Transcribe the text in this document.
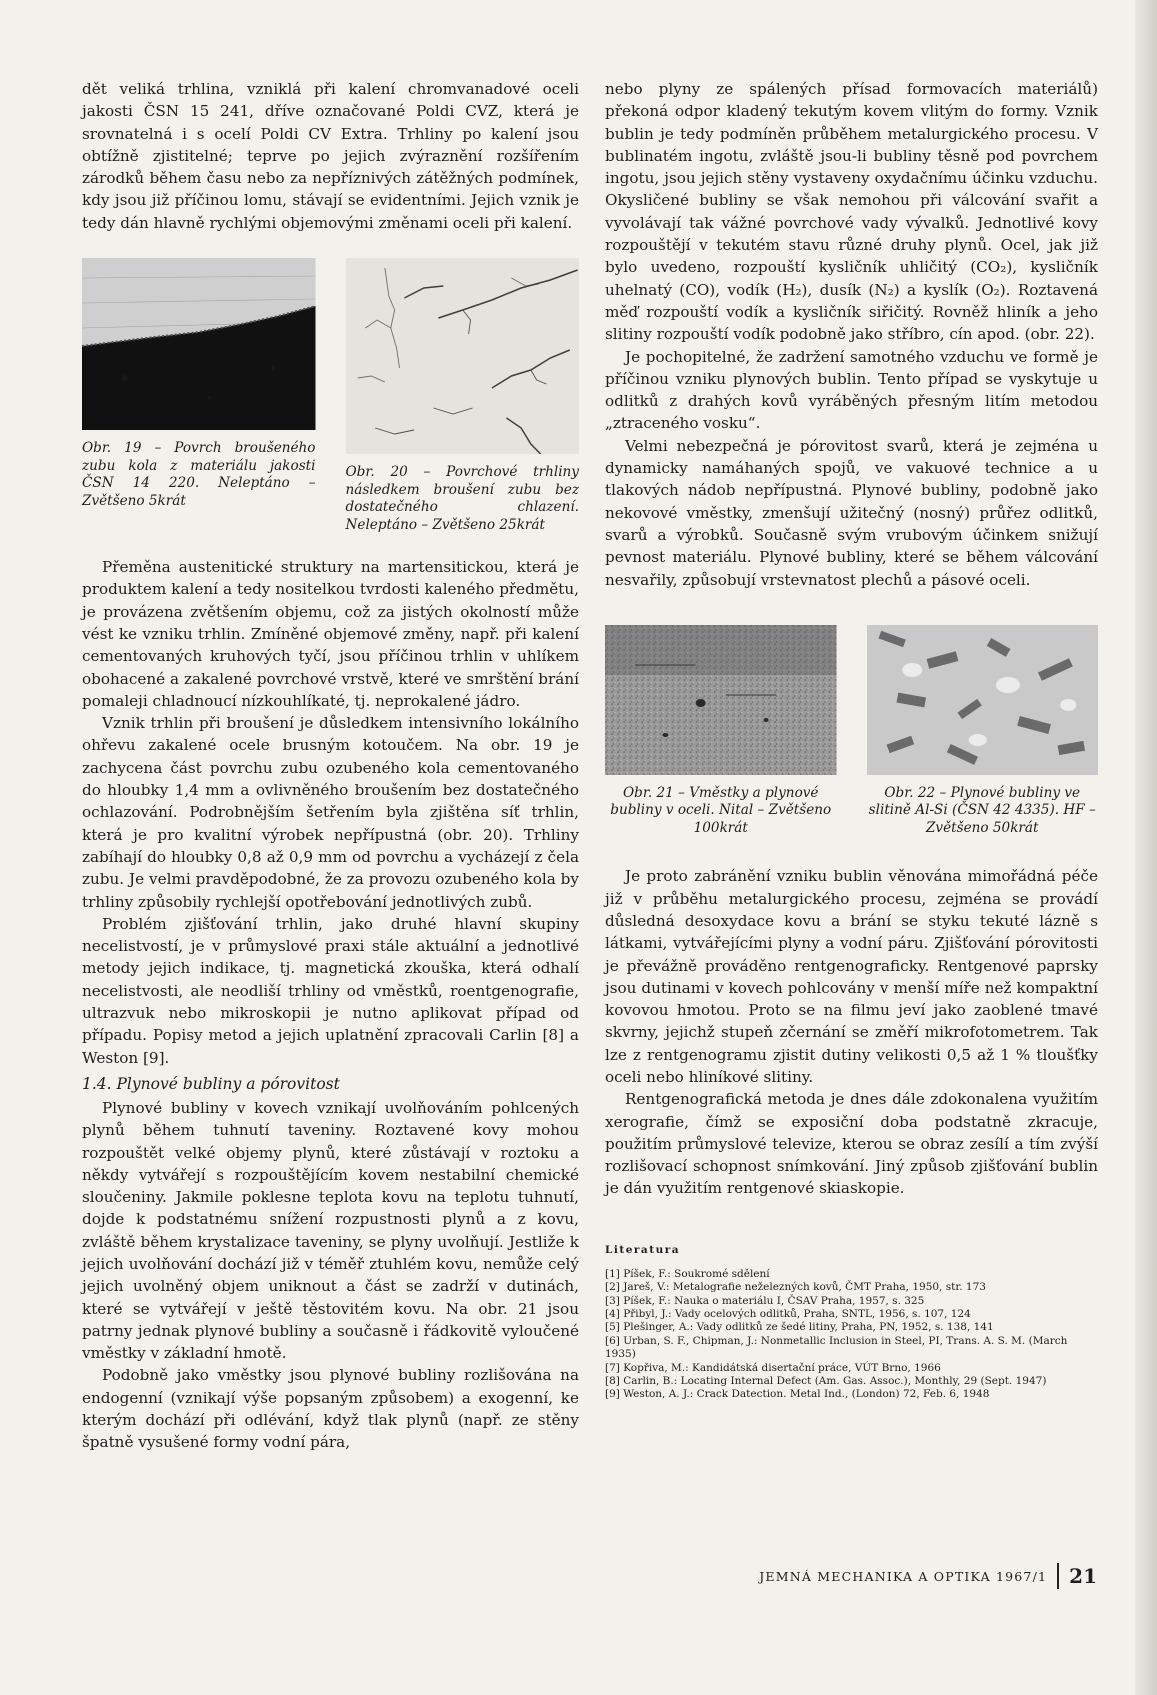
dět veliká trhlina, vzniklá při kalení chromvanadové oceli jakosti ČSN 15 241, dříve označované Poldi CVZ, která je srovnatelná i s ocelí Poldi CV Extra. Trhliny po kalení jsou obtížně zjistitelné; teprve po jejich zvýraznění rozšířením zárodků během času nebo za nepříznivých zátěžných podmínek, kdy jsou již příčinou lomu, stávají se evidentními. Jejich vznik je tedy dán hlavně rychlými objemovými změnami oceli při kalení.

Obr. 19 – Povrch broušeného zubu kola z materiálu jakosti ČSN 14 220. Neleptáno – Zvětšeno 5krát
Obr. 20 – Povrchové trhliny následkem broušení zubu bez dostatečného chlazení. Neleptáno – Zvětšeno 25krát

Přeměna austenitické struktury na martensitickou, která je produktem kalení a tedy nositelkou tvrdosti kaleného předmětu, je provázena zvětšením objemu, což za jistých okolností může vést ke vzniku trhlin. Zmíněné objemové změny, např. při kalení cementovaných kruhových tyčí, jsou příčinou trhlin v uhlíkem obohacené a zakalené povrchové vrstvě, které ve smrštění brání pomaleji chladnoucí nízkouhlíkaté, tj. neprokalené jádro.

Vznik trhlin při broušení je důsledkem intensivního lokálního ohřevu zakalené ocele brusným kotoučem. Na obr. 19 je zachycena část povrchu zubu ozubeného kola cementovaného do hloubky 1,4 mm a ovlivněného broušením bez dostatečného ochlazování. Podrobnějším šetřením byla zjištěna síť trhlin, která je pro kvalitní výrobek nepřípustná (obr. 20). Trhliny zabíhají do hloubky 0,8 až 0,9 mm od povrchu a vycházejí z čela zubu. Je velmi pravděpodobné, že za provozu ozubeného kola by trhliny způsobily rychlejší opotřebování jednotlivých zubů.

Problém zjišťování trhlin, jako druhé hlavní skupiny necelistvostí, je v průmyslové praxi stále aktuální a jednotlivé metody jejich indikace, tj. magnetická zkouška, která odhalí necelistvosti, ale neodliší trhliny od vměstků, roentgenografie, ultrazvuk nebo mikroskopii je nutno aplikovat případ od případu. Popisy metod a jejich uplatnění zpracovali Carlin [8] a Weston [9].

1.4. Plynové bubliny a pórovitost

Plynové bubliny v kovech vznikají uvolňováním pohlcených plynů během tuhnutí taveniny. Roztavené kovy mohou rozpouštět velké objemy plynů, které zůstávají v roztoku a někdy vytvářejí s rozpouštějícím kovem nestabilní chemické sloučeniny. Jakmile poklesne teplota kovu na teplotu tuhnutí, dojde k podstatnému snížení rozpustnosti plynů a z kovu, zvláště během krystalizace taveniny, se plyny uvolňují. Jestliže k jejich uvolňování dochází již v téměř ztuhlém kovu, nemůže celý jejich uvolněný objem uniknout a část se zadrží v dutinách, které se vytvářejí v ještě těstovitém kovu. Na obr. 21 jsou patrny jednak plynové bubliny a současně i řádkovitě vyloučené vměstky v základní hmotě.

Podobně jako vměstky jsou plynové bubliny rozlišována na endogenní (vznikají výše popsaným způsobem) a exogenní, ke kterým dochází při odlévání, když tlak plynů (např. ze stěny špatně vysušené formy vodní pára,

nebo plyny ze spálených přísad formovacích materiálů) překoná odpor kladený tekutým kovem vlitým do formy. Vznik bublin je tedy podmíněn průběhem metalurgického procesu. V bublinatém ingotu, zvláště jsou-li bubliny těsně pod povrchem ingotu, jsou jejich stěny vystaveny oxydačnímu účinku vzduchu. Okysličené bubliny se však nemohou při válcování svařit a vyvolávají tak vážné povrchové vady vývalků. Jednotlivé kovy rozpouštějí v tekutém stavu různé druhy plynů. Ocel, jak již bylo uvedeno, rozpouští kysličník uhličitý (CO₂), kysličník uhelnatý (CO), vodík (H₂), dusík (N₂) a kyslík (O₂). Roztavená měď rozpouští vodík a kysličník siřičitý. Rovněž hliník a jeho slitiny rozpouští vodík podobně jako stříbro, cín apod. (obr. 22).

Je pochopitelné, že zadržení samotného vzduchu ve formě je příčinou vzniku plynových bublin. Tento případ se vyskytuje u odlitků z drahých kovů vyráběných přesným litím metodou „ztraceného vosku“.

Velmi nebezpečná je pórovitost svarů, která je zejména u dynamicky namáhaných spojů, ve vakuové technice a u tlakových nádob nepřípustná. Plynové bubliny, podobně jako nekovové vměstky, zmenšují užitečný (nosný) průřez odlitků, svarů a výrobků. Současně svým vrubovým účinkem snižují pevnost materiálu. Plynové bubliny, které se během válcování nesvařily, způsobují vrstevnatost plechů a pásové oceli.

Obr. 21 – Vměstky a plynové bubliny v oceli. Nital – Zvětšeno 100krát
Obr. 22 – Plynové bubliny ve slitině Al-Si (ČSN 42 4335). HF – Zvětšeno 50krát

Je proto zabránění vzniku bublin věnována mimořádná péče již v průběhu metalurgického procesu, zejména se provádí důsledná desoxydace kovu a brání se styku tekuté lázně s látkami, vytvářejícími plyny a vodní páru. Zjišťování pórovitosti je převážně prováděno rentgenograficky. Rentgenové paprsky jsou dutinami v kovech pohlcovány v menší míře než kompaktní kovovou hmotou. Proto se na filmu jeví jako zaoblené tmavé skvrny, jejichž stupeň zčernání se změří mikrofotometrem. Tak lze z rentgenogramu zjistit dutiny velikosti 0,5 až 1 % tloušťky oceli nebo hliníkové slitiny.

Rentgenografická metoda je dnes dále zdokonalena využitím xerografie, čímž se exposiční doba podstatně zkracuje, použitím průmyslové televize, kterou se obraz zesílí a tím zvýší rozlišovací schopnost snímkování. Jiný způsob zjišťování bublin je dán využitím rentgenové skiaskopie.

Literatura
[1] Píšek, F.: Soukromé sdělení
[2] Jareš, V.: Metalografie neželezných kovů, ČMT Praha, 1950, str. 173
[3] Píšek, F.: Nauka o materiálu I, ČSAV Praha, 1957, s. 325
[4] Přibyl, J.: Vady ocelových odlitků, Praha, SNTL, 1956, s. 107, 124
[5] Plešinger, A.: Vady odlitků ze šedé litiny, Praha, PN, 1952, s. 138, 141
[6] Urban, S. F., Chipman, J.: Nonmetallic Inclusion in Steel, PI, Trans. A. S. M. (March 1935)
[7] Kopřiva, M.: Kandidátská disertační práce, VÚT Brno, 1966
[8] Carlin, B.: Locating Internal Defect (Am. Gas. Assoc.), Monthly, 29 (Sept. 1947)
[9] Weston, A. J.: Crack Datection. Metal Ind., (London) 72, Feb. 6, 1948
JEMNÁ MECHANIKA A OPTIKA 1967/1 21
